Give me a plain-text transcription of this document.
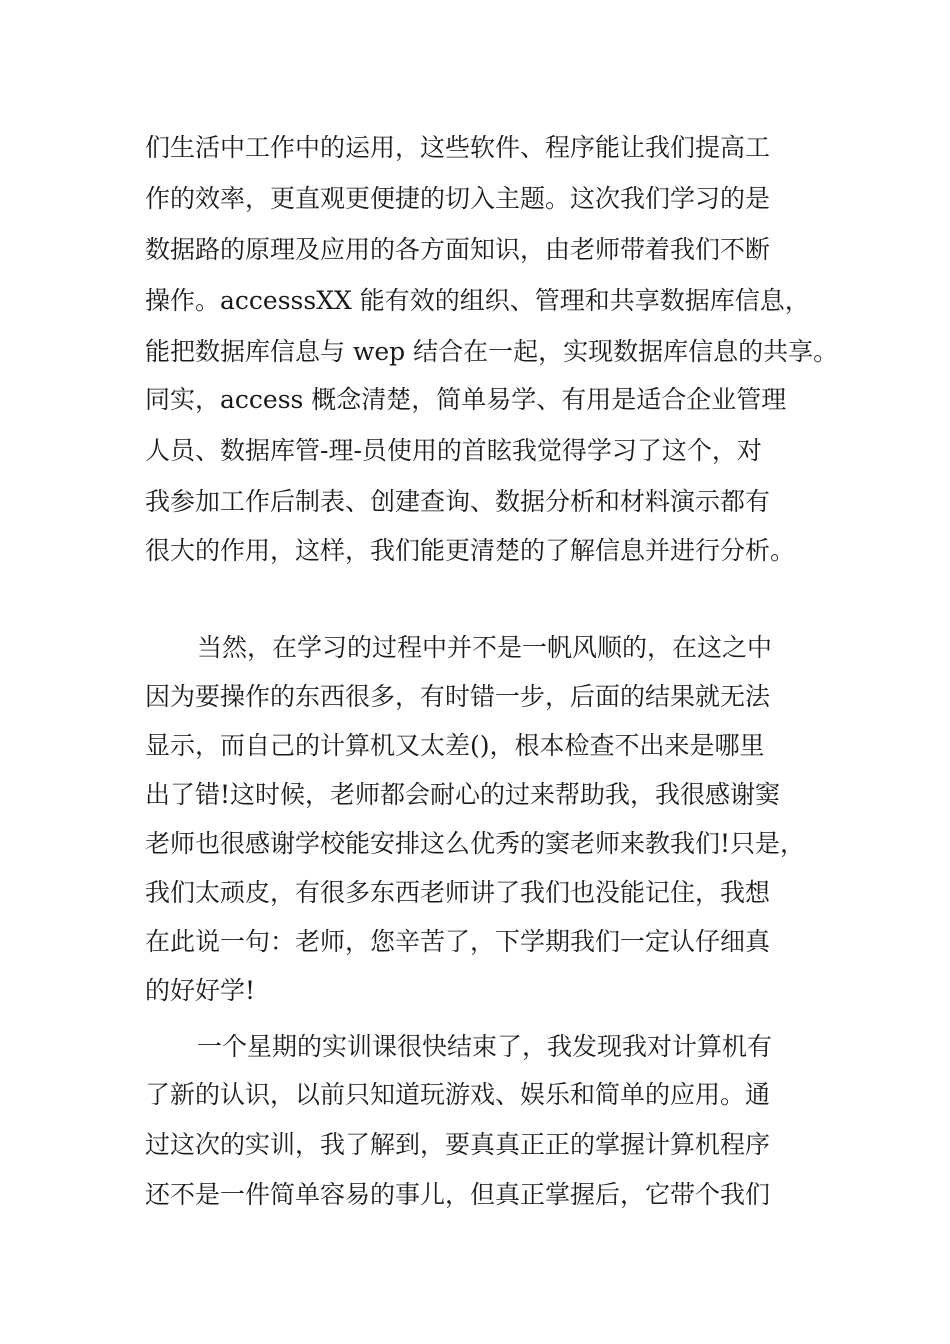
们生活中工作中的运用，这些软件、程序能让我们提高工
作的效率，更直观更便捷的切入主题。这次我们学习的是
数据路的原理及应用的各方面知识，由老师带着我们不断
操作。accesssXX 能有效的组织、管理和共享数据库信息，
能把数据库信息与 wep 结合在一起，实现数据库信息的共享。
同实，access 概念清楚，简单易学、有用是适合企业管理
人员、数据库管-理-员使用的首眩我觉得学习了这个，对
我参加工作后制表、创建查询、数据分析和材料演示都有
很大的作用，这样，我们能更清楚的了解信息并进行分析。
当然，在学习的过程中并不是一帆风顺的，在这之中
因为要操作的东西很多，有时错一步，后面的结果就无法
显示，而自己的计算机又太差()，根本检查不出来是哪里
出了错!这时候，老师都会耐心的过来帮助我，我很感谢窦
老师也很感谢学校能安排这么优秀的窦老师来教我们!只是，
我们太顽皮，有很多东西老师讲了我们也没能记住，我想
在此说一句：老师，您辛苦了，下学期我们一定认仔细真
的好好学!
一个星期的实训课很快结束了，我发现我对计算机有
了新的认识，以前只知道玩游戏、娱乐和简单的应用。通
过这次的实训，我了解到，要真真正正的掌握计算机程序
还不是一件简单容易的事儿，但真正掌握后，它带个我们
